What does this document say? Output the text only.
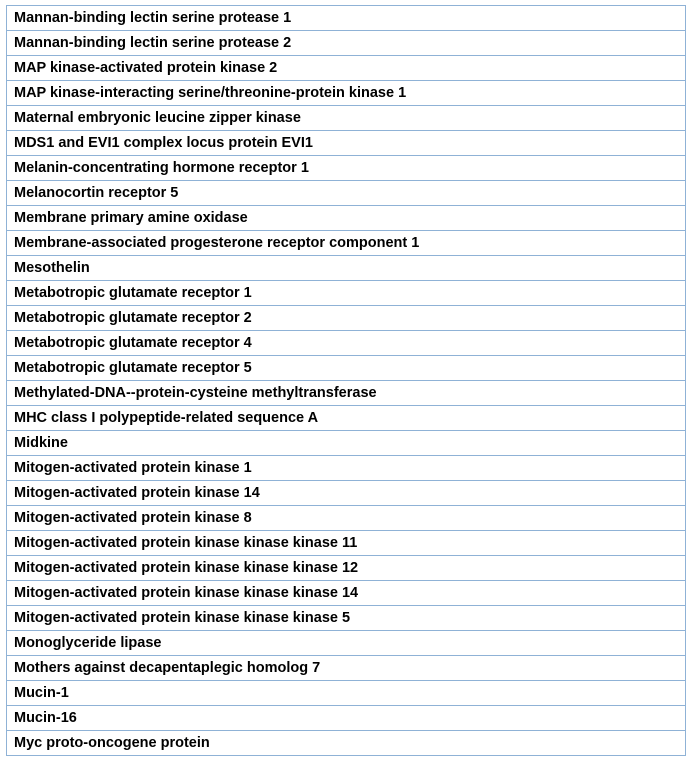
Mannan-binding lectin serine protease 1
Mannan-binding lectin serine protease 2
MAP kinase-activated protein kinase 2
MAP kinase-interacting serine/threonine-protein kinase 1
Maternal embryonic leucine zipper kinase
MDS1 and EVI1 complex locus protein EVI1
Melanin-concentrating hormone receptor 1
Melanocortin receptor 5
Membrane primary amine oxidase
Membrane-associated progesterone receptor component 1
Mesothelin
Metabotropic glutamate receptor 1
Metabotropic glutamate receptor 2
Metabotropic glutamate receptor 4
Metabotropic glutamate receptor 5
Methylated-DNA--protein-cysteine methyltransferase
MHC class I polypeptide-related sequence A
Midkine
Mitogen-activated protein kinase 1
Mitogen-activated protein kinase 14
Mitogen-activated protein kinase 8
Mitogen-activated protein kinase kinase kinase 11
Mitogen-activated protein kinase kinase kinase 12
Mitogen-activated protein kinase kinase kinase 14
Mitogen-activated protein kinase kinase kinase 5
Monoglyceride lipase
Mothers against decapentaplegic homolog 7
Mucin-1
Mucin-16
Myc proto-oncogene protein
